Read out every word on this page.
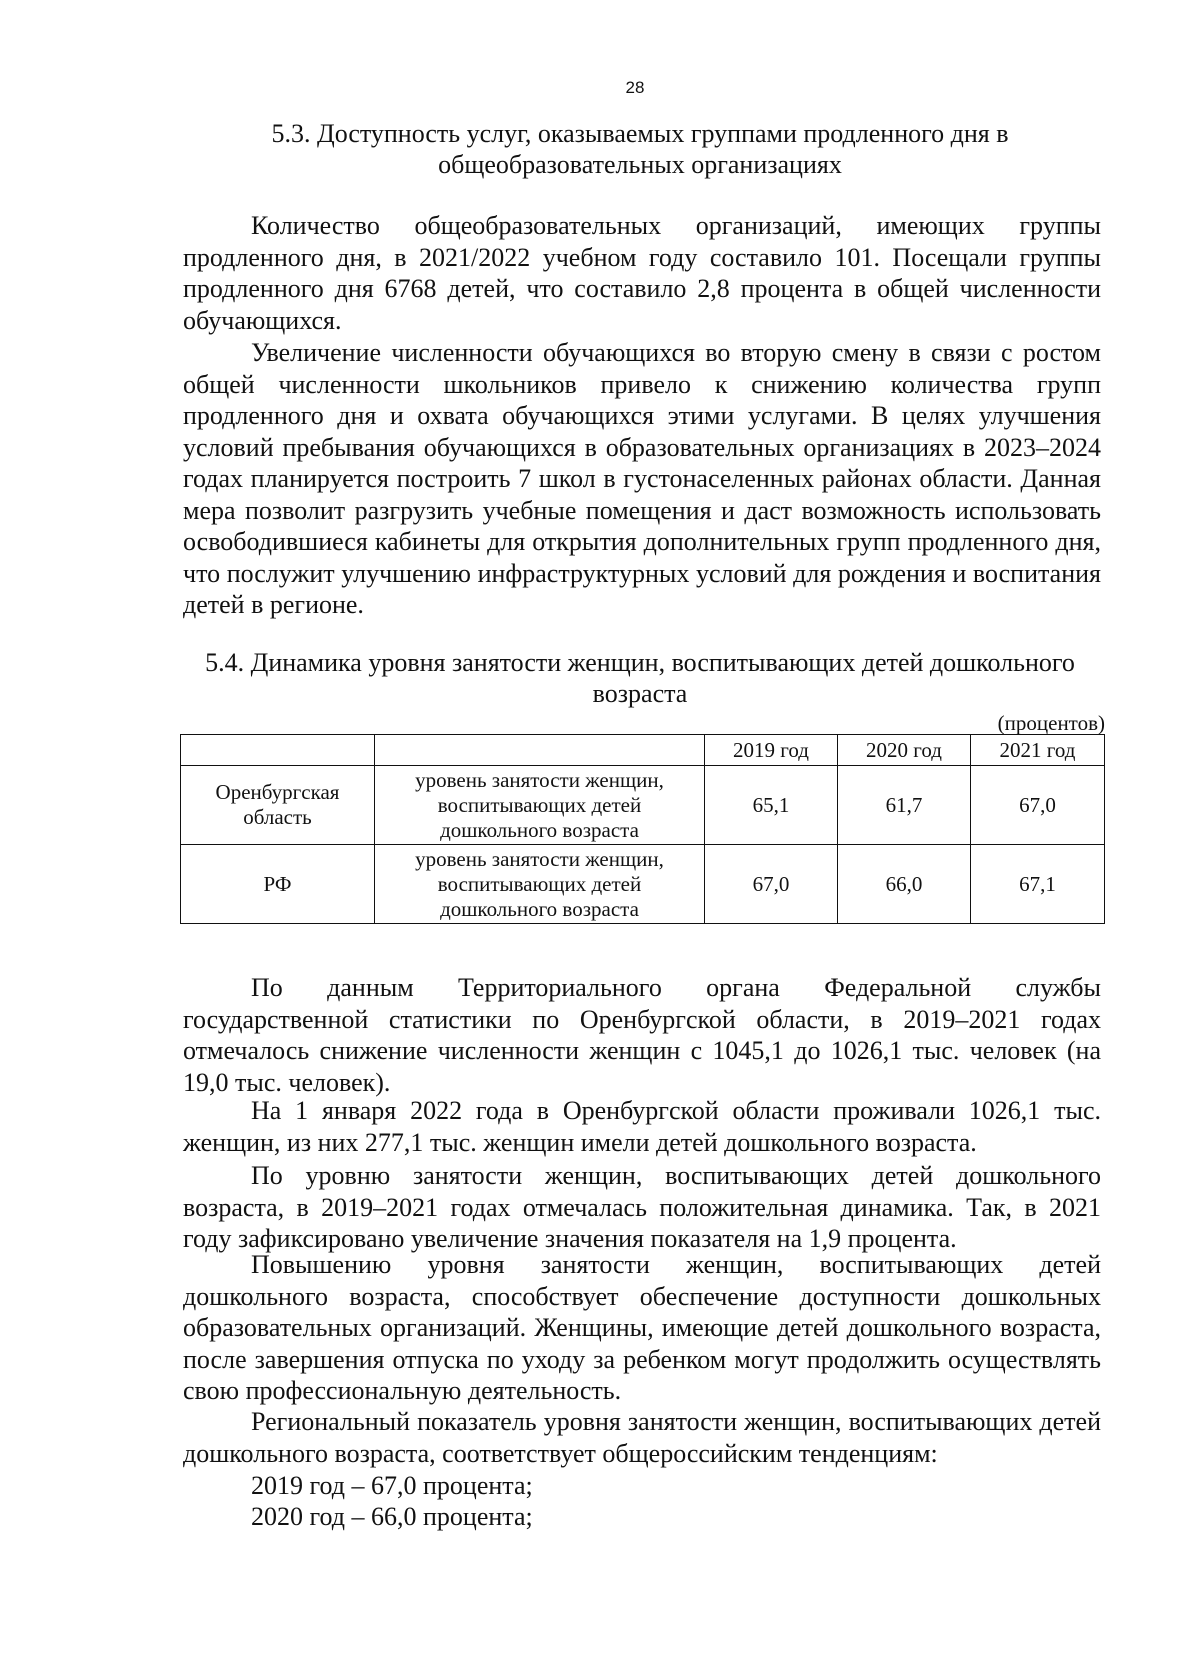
28
5.3. Доступность услуг, оказываемых группами продленного дня в общеобразовательных организациях

Количество общеобразовательных организаций, имеющих группы продленного дня, в 2021/2022 учебном году составило 101. Посещали группы продленного дня 6768 детей, что составило 2,8 процента в общей численности обучающихся.

Увеличение численности обучающихся во вторую смену в связи с ростом общей численности школьников привело к снижению количества групп продленного дня и охвата обучающихся этими услугами. В целях улучшения условий пребывания обучающихся в образовательных организациях в 2023–2024 годах планируется построить 7 школ в густонаселенных районах области. Данная мера позволит разгрузить учебные помещения и даст возможность использовать освободившиеся кабинеты для открытия дополнительных групп продленного дня, что послужит улучшению инфраструктурных условий для рождения и воспитания детей в регионе.

5.4. Динамика уровня занятости женщин, воспитывающих детей дошкольного возраста
(процентов)
		2019 год	2020 год	2021 год
Оренбургская область	уровень занятости женщин, воспитывающих детей дошкольного возраста	65,1	61,7	67,0
РФ	уровень занятости женщин, воспитывающих детей дошкольного возраста	67,0	66,0	67,1

По данным Территориального органа Федеральной службы государственной статистики по Оренбургской области, в 2019–2021 годах отмечалось снижение численности женщин с 1045,1 до 1026,1 тыс. человек (на 19,0 тыс. человек).

На 1 января 2022 года в Оренбургской области проживали 1026,1 тыс. женщин, из них 277,1 тыс. женщин имели детей дошкольного возраста.

По уровню занятости женщин, воспитывающих детей дошкольного возраста, в 2019–2021 годах отмечалась положительная динамика. Так, в 2021 году зафиксировано увеличение значения показателя на 1,9 процента.

Повышению уровня занятости женщин, воспитывающих детей дошкольного возраста, способствует обеспечение доступности дошкольных образовательных организаций. Женщины, имеющие детей дошкольного возраста, после завершения отпуска по уходу за ребенком могут продолжить осуществлять свою профессиональную деятельность.

Региональный показатель уровня занятости женщин, воспитывающих детей дошкольного возраста, соответствует общероссийским тенденциям:

2019 год – 67,0 процента;
2020 год – 66,0 процента;
